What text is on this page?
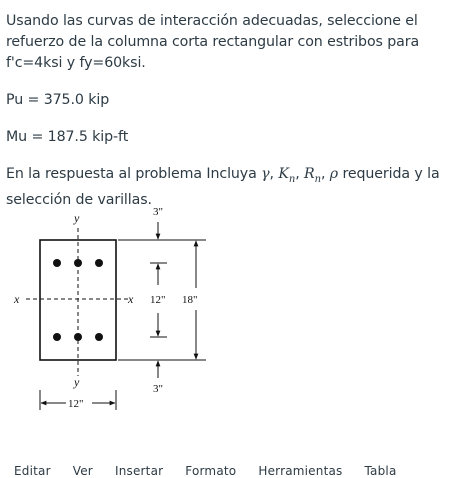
Usando las curvas de interacción adecuadas, seleccione el refuerzo de la columna corta rectangular con estribos para f'c=4ksi y fy=60ksi.

Pu = 375.0 kip

Mu = 187.5 kip-ft

En la respuesta al problema Incluya γ, $K_n$, $R_n$, ρ requerida y la selección de varillas.

y
y
x	x
3"
12"
3"
18"
12"
Editar Ver Insertar Formato Herramientas Tabla
